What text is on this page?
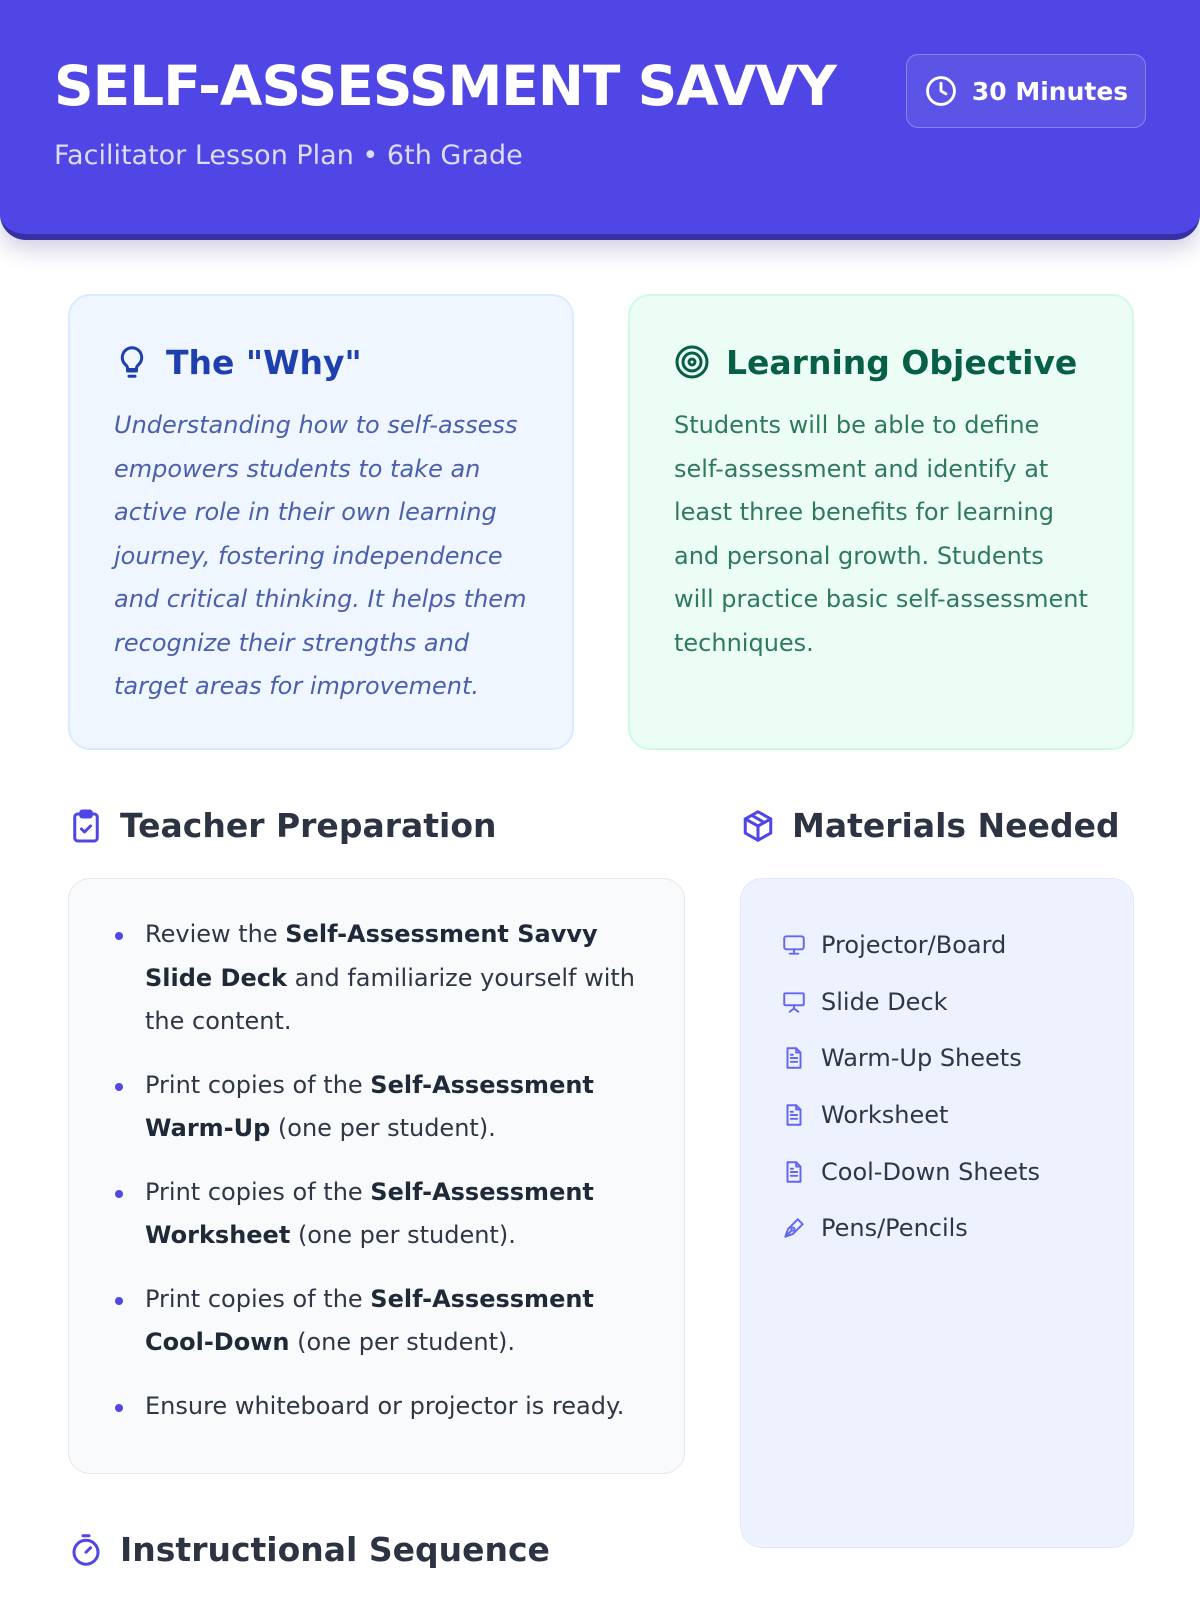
SELF-ASSESSMENT SAVVY
Facilitator Lesson Plan • 6th Grade
30 Minutes
The "Why"

Understanding how to self-assess empowers students to take an active role in their own learning journey, fostering independence and critical thinking. It helps them recognize their strengths and target areas for improvement.

Learning Objective

Students will be able to define self-assessment and identify at least three benefits for learning and personal growth. Students will practice basic self-assessment techniques.

Teacher Preparation
Review the Self-Assessment Savvy Slide Deck and familiarize yourself with the content.
Print copies of the Self-Assessment Warm-Up (one per student).
Print copies of the Self-Assessment Worksheet (one per student).
Print copies of the Self-Assessment Cool-Down (one per student).
Ensure whiteboard or projector is ready.
Materials Needed
Projector/Board
Slide Deck
Warm-Up Sheets
Worksheet
Cool-Down Sheets
Pens/Pencils
Instructional Sequence
